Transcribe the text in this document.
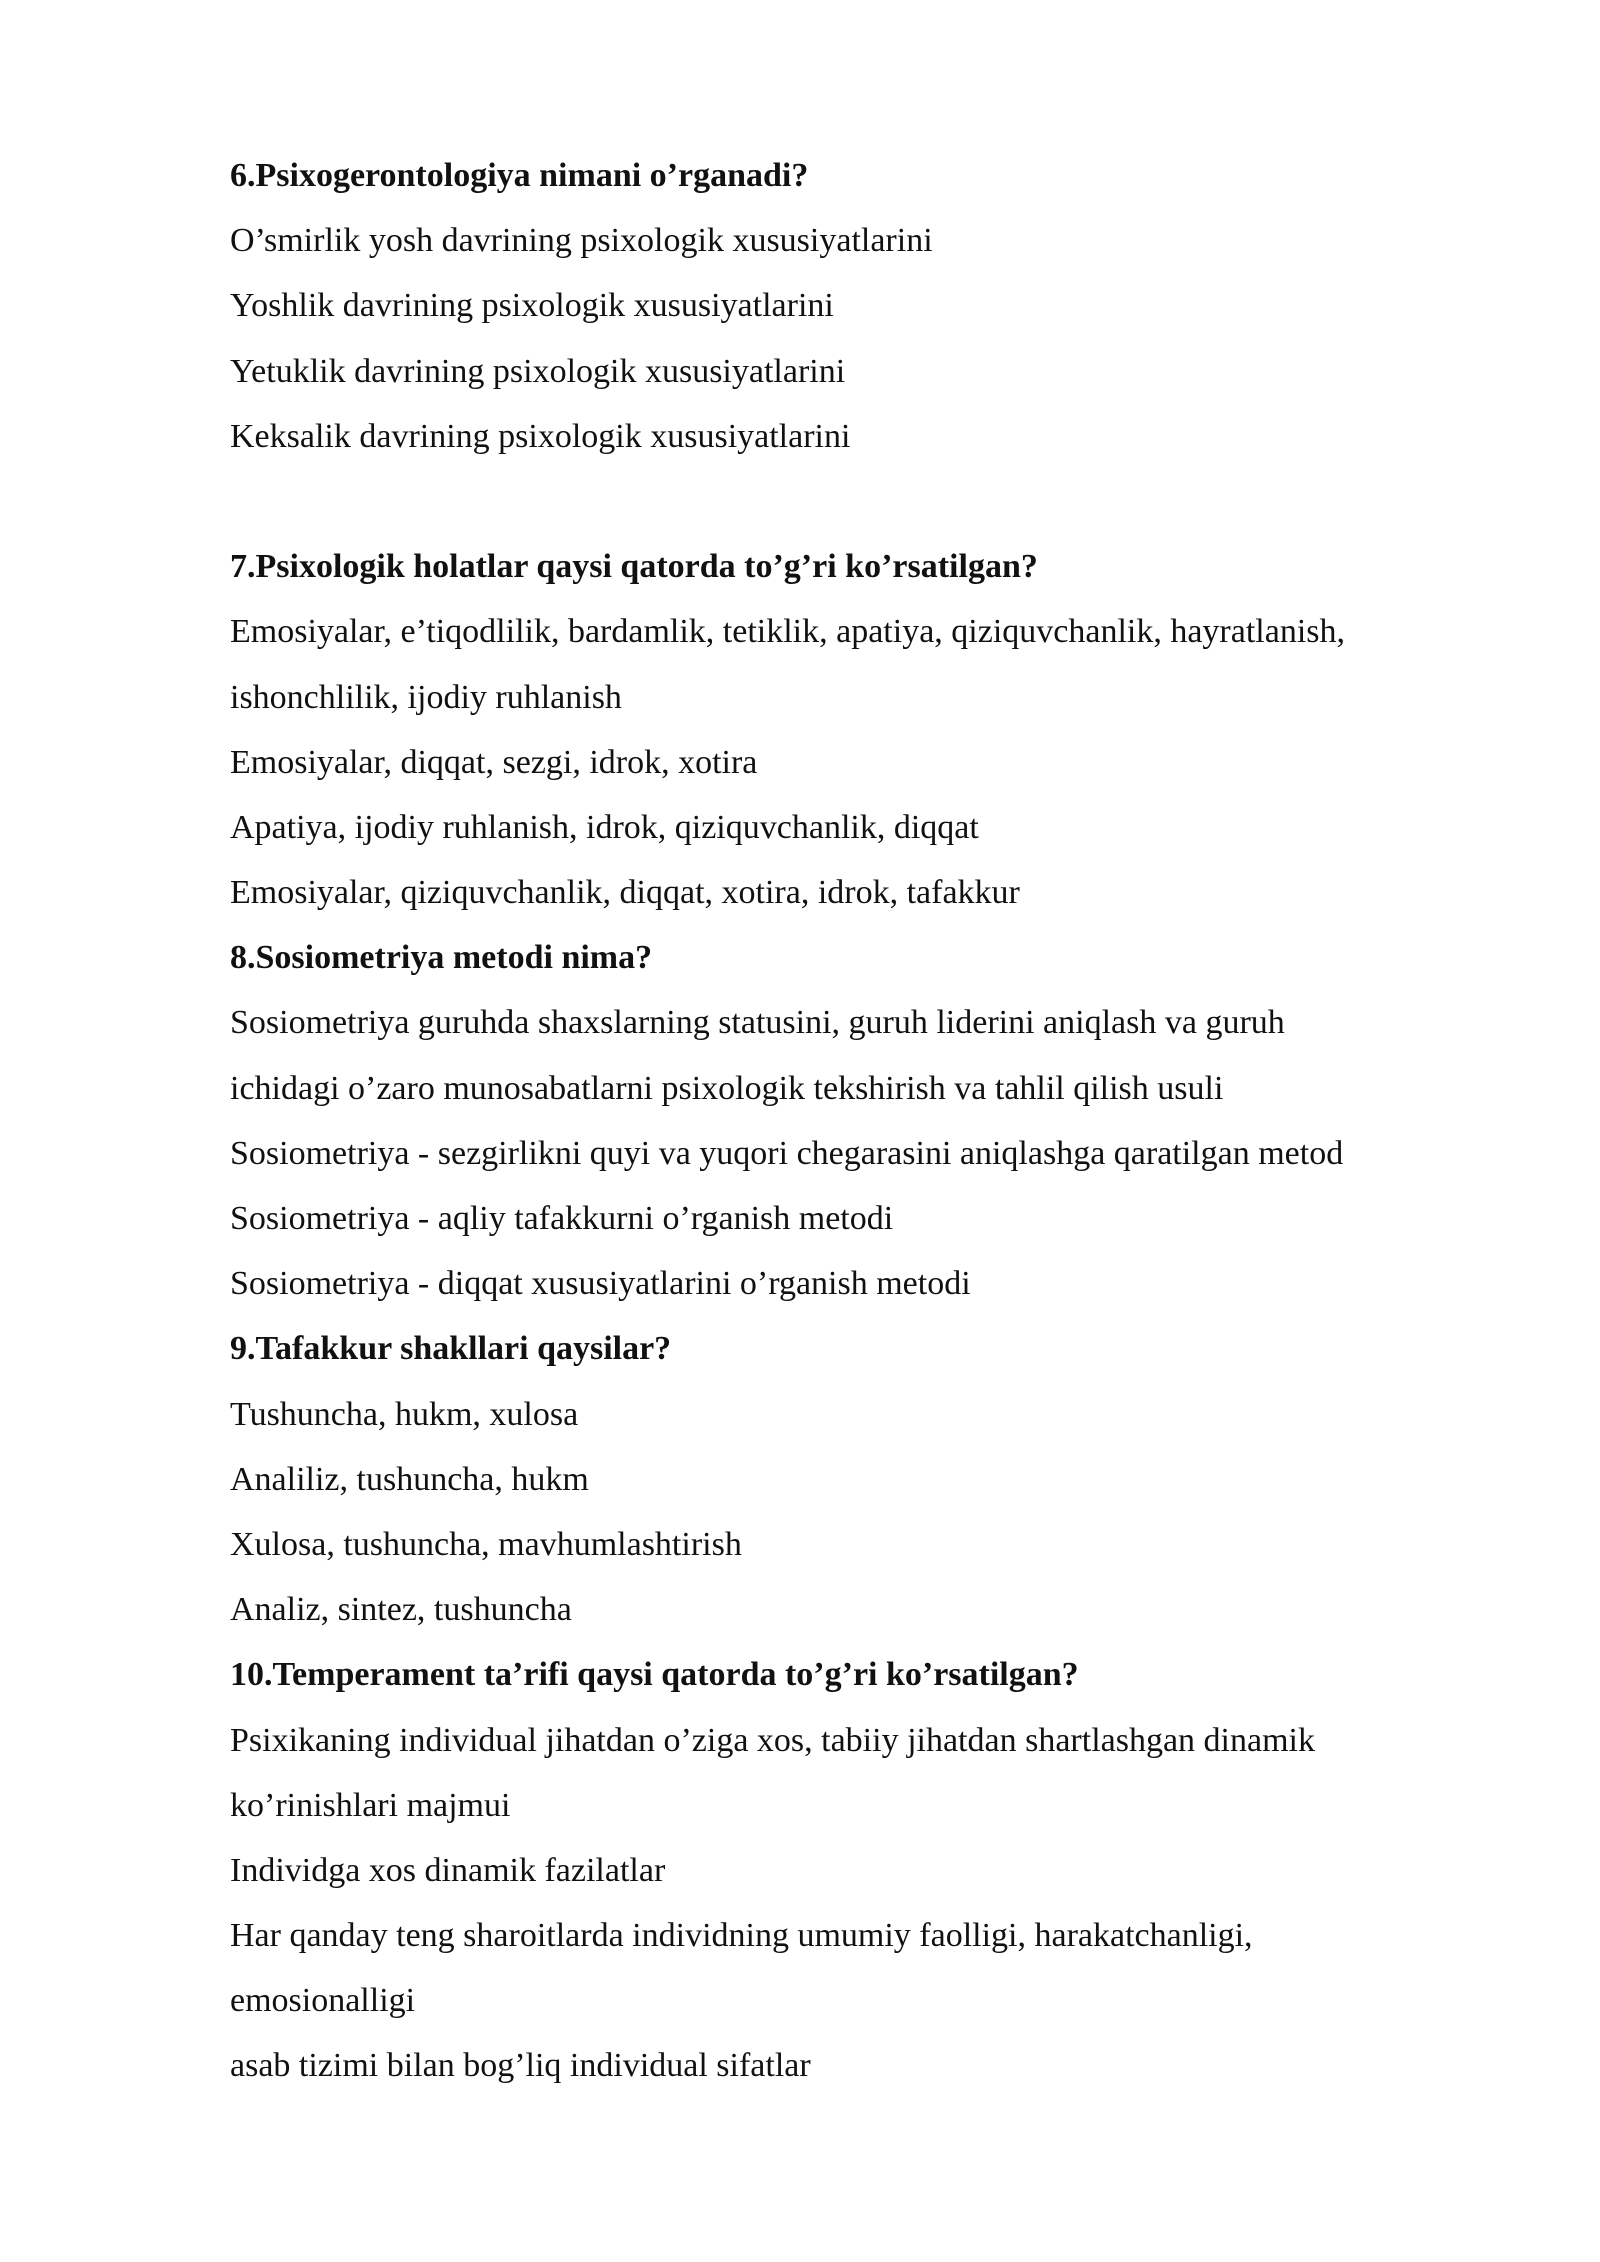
6.Psixogerontologiya nimani o’rganadi?
O’smirlik yosh davrining psixologik xususiyatlarini
Yoshlik davrining psixologik xususiyatlarini
Yetuklik davrining psixologik xususiyatlarini
Keksalik davrining psixologik xususiyatlarini
7.Psixologik holatlar qaysi qatorda to’g’ri ko’rsatilgan?
Emosiyalar, e’tiqodlilik, bardamlik, tetiklik, apatiya, qiziquvchanlik, hayratlanish,
ishonchlilik, ijodiy ruhlanish
Emosiyalar, diqqat, sezgi, idrok, xotira
Apatiya, ijodiy ruhlanish, idrok, qiziquvchanlik, diqqat
Emosiyalar, qiziquvchanlik, diqqat, xotira, idrok, tafakkur
8.Sosiometriya metodi nima?
Sosiometriya guruhda shaxslarning statusini, guruh liderini aniqlash va guruh
ichidagi o’zaro munosabatlarni psixologik tekshirish va tahlil qilish usuli
Sosiometriya - sezgirlikni quyi va yuqori chegarasini aniqlashga qaratilgan metod
Sosiometriya - aqliy tafakkurni o’rganish metodi
Sosiometriya - diqqat xususiyatlarini o’rganish metodi
9.Tafakkur shakllari qaysilar?
Tushuncha, hukm, xulosa
Analiliz, tushuncha, hukm
Xulosa, tushuncha, mavhumlashtirish
Analiz, sintez, tushuncha
10.Temperament ta’rifi qaysi qatorda to’g’ri ko’rsatilgan?
Psixikaning individual jihatdan o’ziga xos, tabiiy jihatdan shartlashgan dinamik
ko’rinishlari majmui
Individga xos dinamik fazilatlar
Har qanday teng sharoitlarda individning umumiy faolligi, harakatchanligi,
emosionalligi
asab tizimi bilan bog’liq individual sifatlar
